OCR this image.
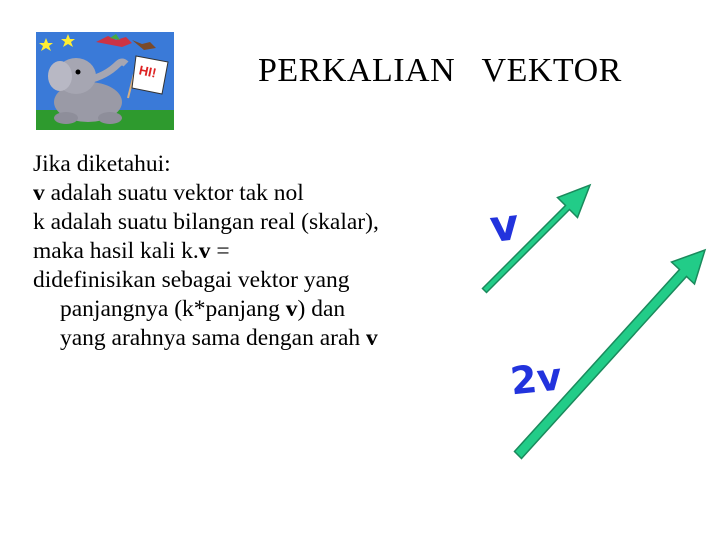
HI!	PERKALIAN   VEKTOR
Jika diketahui:
v adalah suatu vektor tak nol
k adalah suatu bilangan real (skalar),
maka hasil kali k.v =
didefinisikan sebagai vektor yang
panjangnya (k*panjang v) dan
yang arahnya sama dengan arah v
v
2v
